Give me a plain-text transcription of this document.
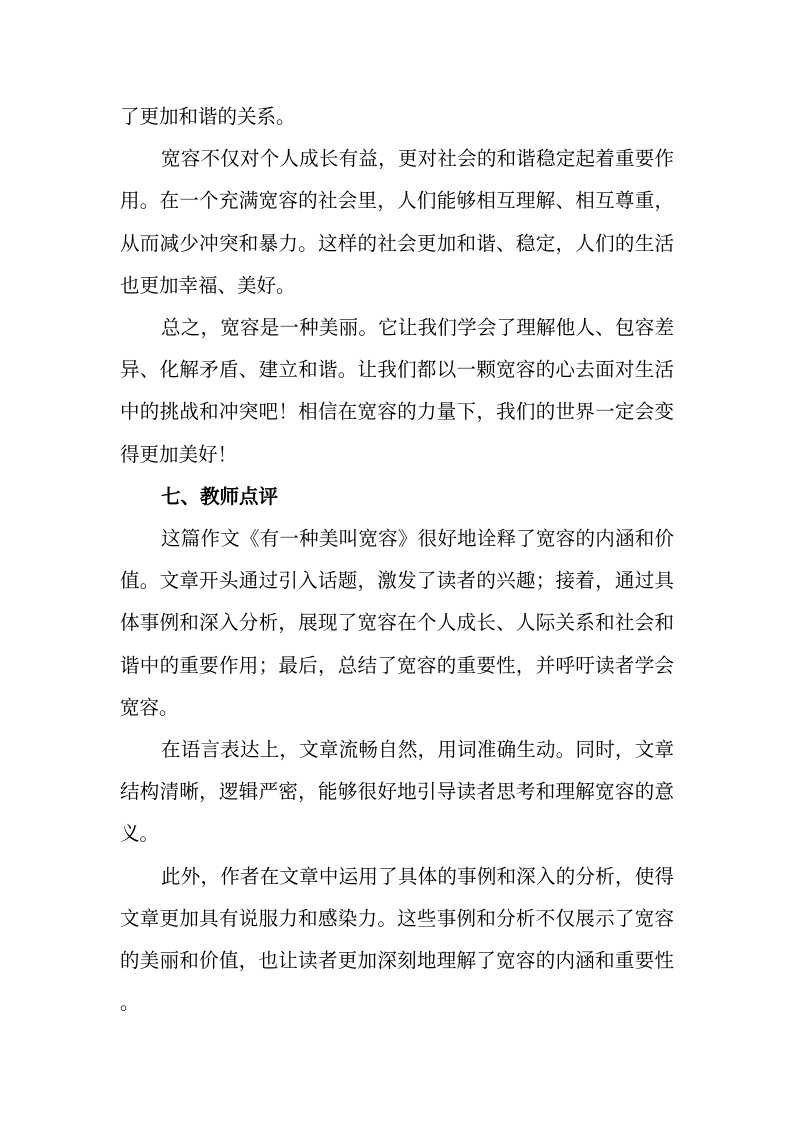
了更加和谐的关系。

宽容不仅对个人成长有益，更对社会的和谐稳定起着重要作用。在一个充满宽容的社会里，人们能够相互理解、相互尊重，从而减少冲突和暴力。这样的社会更加和谐、稳定，人们的生活也更加幸福、美好。

总之，宽容是一种美丽。它让我们学会了理解他人、包容差异、化解矛盾、建立和谐。让我们都以一颗宽容的心去面对生活中的挑战和冲突吧！相信在宽容的力量下，我们的世界一定会变得更加美好！

七、教师点评

这篇作文《有一种美叫宽容》很好地诠释了宽容的内涵和价值。文章开头通过引入话题，激发了读者的兴趣；接着，通过具体事例和深入分析，展现了宽容在个人成长、人际关系和社会和谐中的重要作用；最后，总结了宽容的重要性，并呼吁读者学会宽容。

在语言表达上，文章流畅自然，用词准确生动。同时，文章结构清晰，逻辑严密，能够很好地引导读者思考和理解宽容的意义。

此外，作者在文章中运用了具体的事例和深入的分析，使得文章更加具有说服力和感染力。这些事例和分析不仅展示了宽容的美丽和价值，也让读者更加深刻地理解了宽容的内涵和重要性。
